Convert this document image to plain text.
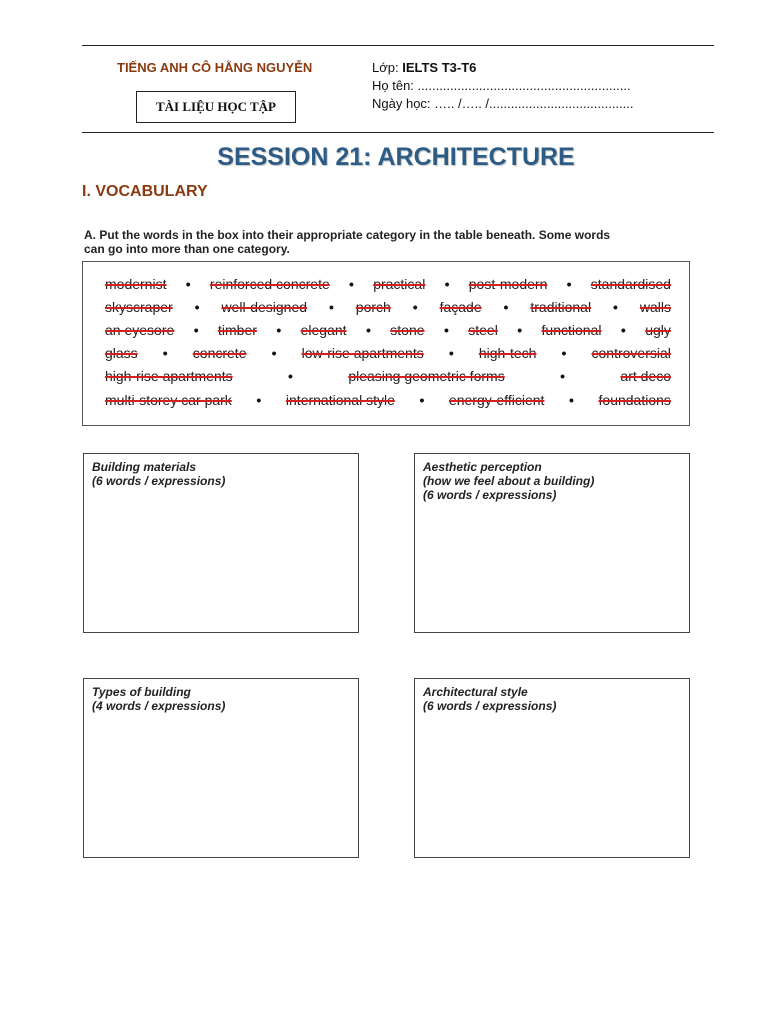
TIẾNG ANH CÔ HẰNG NGUYỄN
TÀI LIỆU HỌC TẬP
Lớp: IELTS T3-T6
Họ tên: ...........................................................
Ngày học: ….. /….. /........................................
SESSION 21: ARCHITECTURE
I. VOCABULARY
A. Put the words in the box into their appropriate category in the table beneath. Some words
can go into more than one category.
modernist • reinforced concrete • practical • post-modern • standardised
skyscraper • well-designed • porch • façade • traditional • walls
an eyesore • timber • elegant • stone • steel • functional • ugly
glass • concrete • low-rise apartments • high-tech • controversial
high-rise apartments	•	pleasing geometric forms	•	art deco
multi-storey car park • international style • energy-efficient • foundations
Building materials
(6 words / expressions)
Aesthetic perception
(how we feel about a building)
(6 words / expressions)
Types of building
(4 words / expressions)
Architectural style
(6 words / expressions)
